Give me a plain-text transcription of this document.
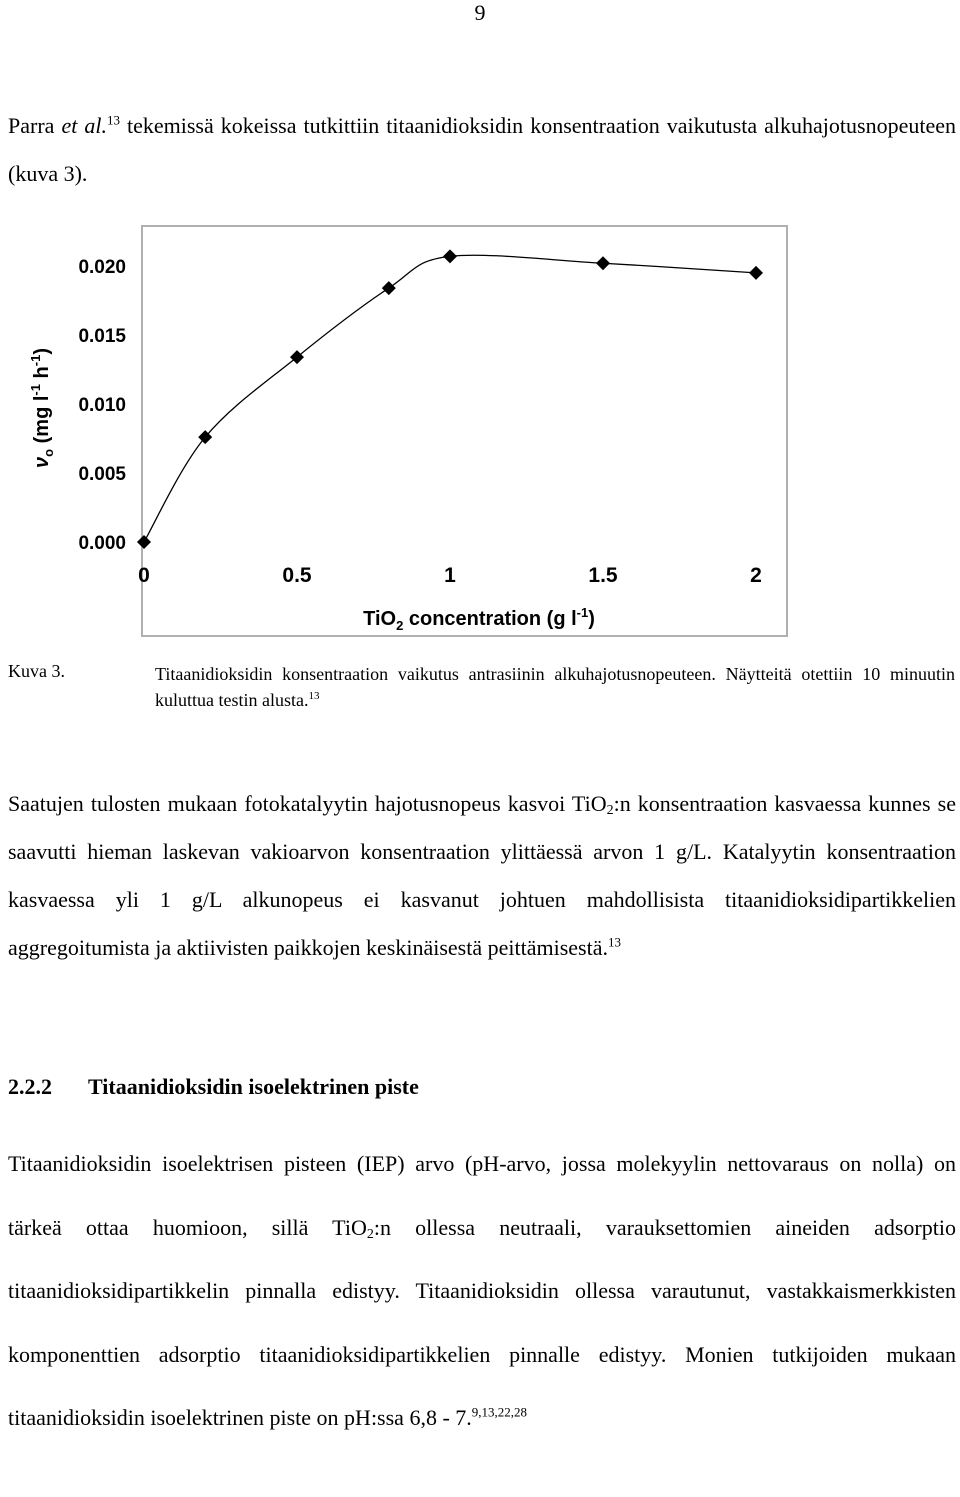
9

Parra et al.$^{13}$ tekemissä kokeissa tutkittiin titaanidioksidin konsentraation vaikutusta alkuhajotusnopeuteen (kuva 3).

0.000
0.005
0.010
0.015
0.020
0	0.5	1	1.5	2
TiO$_2$ concentration (g $l^{-1}$)
$\nu_o$ (mg $l^{-1}$ $h^{-1}$)
Kuva 3.	Titaanidioksidin konsentraation vaikutus antrasiinin alkuhajotusnopeuteen. Näytteitä otettiin 10 minuutin kuluttua testin alusta.$^{13}$

Saatujen tulosten mukaan fotokatalyytin hajotusnopeus kasvoi TiO$_2$:n konsentraation kasvaessa kunnes se saavutti hieman laskevan vakioarvon konsentraation ylittäessä arvon 1 g/L. Katalyytin konsentraation kasvaessa yli 1 g/L alkunopeus ei kasvanut johtuen mahdollisista titaanidioksidipartikkelien aggregoitumista ja aktiivisten paikkojen keskinäisestä peittämisestä.$^{13}$

2.2.2 Titaanidioksidin isoelektrinen piste

Titaanidioksidin isoelektrisen pisteen (IEP) arvo (pH-arvo, jossa molekyylin nettovaraus on nolla) on tärkeä ottaa huomioon, sillä TiO$_2$:n ollessa neutraali, varauksettomien aineiden adsorptio titaanidioksidipartikkelin pinnalla edistyy. Titaanidioksidin ollessa varautunut, vastakkaismerkkisten komponenttien adsorptio titaanidioksidipartikkelien pinnalle edistyy. Monien tutkijoiden mukaan titaanidioksidin isoelektrinen piste on pH:ssa 6,8 - 7.$^{9,13,22,28}$
